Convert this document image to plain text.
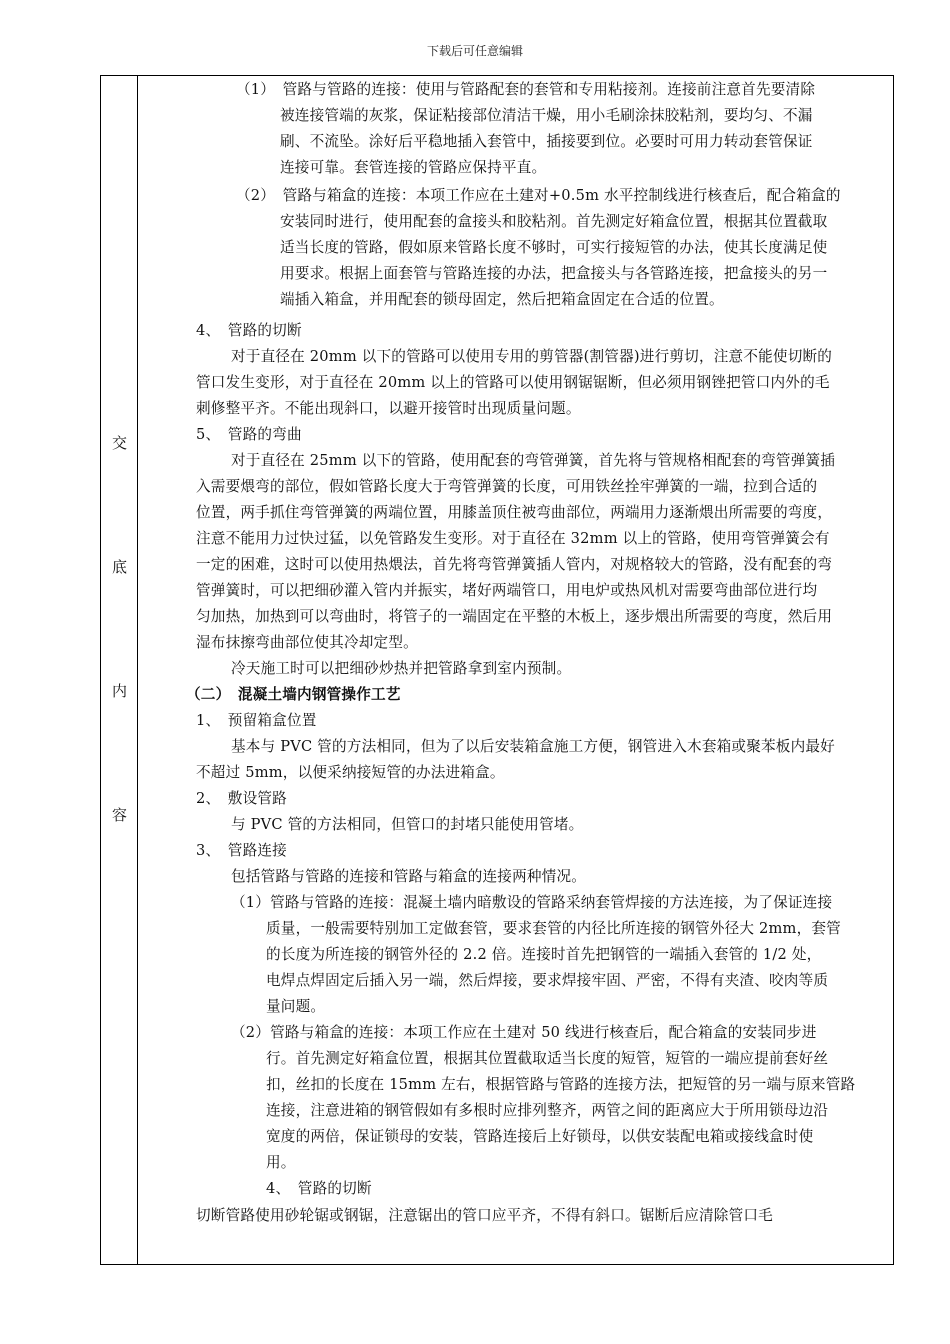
下载后可任意编辑
交
底
内
容
（1）　管路与管路的连接：使用与管路配套的套管和专用粘接剂。连接前注意首先要清除
被连接管端的灰浆，保证粘接部位清洁干燥，用小毛刷涂抹胶粘剂，要均匀、不漏
刷、不流坠。涂好后平稳地插入套管中，插接要到位。必要时可用力转动套管保证
连接可靠。套管连接的管路应保持平直。
（2）　管路与箱盒的连接：本项工作应在土建对+0.5m 水平控制线进行核查后，配合箱盒的
安装同时进行，使用配套的盒接头和胶粘剂。首先测定好箱盒位置，根据其位置截取
适当长度的管路，假如原来管路长度不够时，可实行接短管的办法，使其长度满足使
用要求。根据上面套管与管路连接的办法，把盒接头与各管路连接，把盒接头的另一
端插入箱盒，并用配套的锁母固定，然后把箱盒固定在合适的位置。
4、　管路的切断
对于直径在 20mm 以下的管路可以使用专用的剪管器(割管器)进行剪切，注意不能使切断的
管口发生变形，对于直径在 20mm 以上的管路可以使用钢锯锯断，但必须用钢锉把管口内外的毛
刺修整平齐。不能出现斜口，以避开接管时出现质量问题。
5、　管路的弯曲
对于直径在 25mm 以下的管路，使用配套的弯管弹簧，首先将与管规格相配套的弯管弹簧插
入需要煨弯的部位，假如管路长度大于弯管弹簧的长度，可用铁丝拴牢弹簧的一端，拉到合适的
位置，两手抓住弯管弹簧的两端位置，用膝盖顶住被弯曲部位，两端用力逐渐煨出所需要的弯度，
注意不能用力过快过猛，以免管路发生变形。对于直径在 32mm 以上的管路，使用弯管弹簧会有
一定的困难，这时可以使用热煨法，首先将弯管弹簧插人管内，对规格较大的管路，没有配套的弯
管弹簧时，可以把细砂灌入管内并振实，堵好两端管口，用电炉或热风机对需要弯曲部位进行均
匀加热，加热到可以弯曲时，将管子的一端固定在平整的木板上，逐步煨出所需要的弯度，然后用
湿布抹擦弯曲部位使其冷却定型。
冷天施工时可以把细砂炒热并把管路拿到室内预制。
（二）　混凝土墙内钢管操作工艺
1、　预留箱盒位置
基本与 PVC 管的方法相同，但为了以后安装箱盒施工方便，钢管进入木套箱或聚苯板内最好
不超过 5mm，以便采纳接短管的办法进箱盒。
2、　敷设管路
与 PVC 管的方法相同，但管口的封堵只能使用管堵。
3、　管路连接
包括管路与管路的连接和管路与箱盒的连接两种情况。
（1）管路与管路的连接：混凝土墙内暗敷设的管路采纳套管焊接的方法连接，为了保证连接
质量，一般需要特别加工定做套管，要求套管的内径比所连接的钢管外径大 2mm，套管
的长度为所连接的钢管外径的 2.2 倍。连接时首先把钢管的一端插入套管的 1/2 处，
电焊点焊固定后插入另一端，然后焊接，要求焊接牢固、严密，不得有夹渣、咬肉等质
量问题。
（2）管路与箱盒的连接：本项工作应在土建对 50 线进行核查后，配合箱盒的安装同步进
行。首先测定好箱盒位置，根据其位置截取适当长度的短管，短管的一端应提前套好丝
扣，丝扣的长度在 15mm 左右，根据管路与管路的连接方法，把短管的另一端与原来管路
连接，注意进箱的钢管假如有多根时应排列整齐，两管之间的距离应大于所用锁母边沿
宽度的两倍，保证锁母的安装，管路连接后上好锁母，以供安装配电箱或接线盒时使
用。
4、　管路的切断
切断管路使用砂轮锯或钢锯，注意锯出的管口应平齐，不得有斜口。锯断后应清除管口毛
